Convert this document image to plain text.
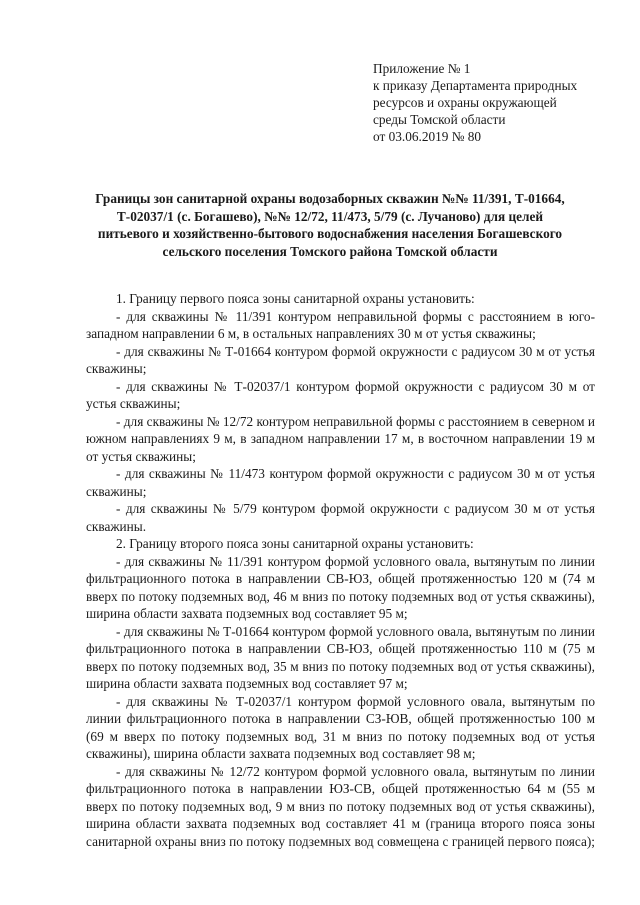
Приложение № 1
к приказу Департамента природных
ресурсов и охраны окружающей
среды Томской области
от 03.06.2019 № 80
Границы зон санитарной охраны водозаборных скважин №№ 11/391, Т-01664,
Т-02037/1 (с. Богашево), №№ 12/72, 11/473, 5/79 (с. Лучаново) для целей
питьевого и хозяйственно-бытового водоснабжения населения Богашевского
сельского поселения Томского района Томской области
1. Границу первого пояса зоны санитарной охраны установить:
- для скважины № 11/391 контуром неправильной формы с расстоянием в юго-западном направлении 6 м, в остальных направлениях 30 м от устья скважины;
- для скважины № Т-01664 контуром формой окружности с радиусом 30 м от устья скважины;
- для скважины № Т-02037/1 контуром формой окружности с радиусом 30 м от устья скважины;
- для скважины № 12/72 контуром неправильной формы с расстоянием в северном и южном направлениях 9 м, в западном направлении 17 м, в восточном направлении 19 м от устья скважины;
- для скважины № 11/473 контуром формой окружности с радиусом 30 м от устья скважины;
- для скважины № 5/79 контуром формой окружности с радиусом 30 м от устья скважины.
2. Границу второго пояса зоны санитарной охраны установить:
- для скважины № 11/391 контуром формой условного овала, вытянутым по линии фильтрационного потока в направлении СВ-ЮЗ, общей протяженностью 120 м (74 м вверх по потоку подземных вод, 46 м вниз по потоку подземных вод от устья скважины), ширина области захвата подземных вод составляет 95 м;
- для скважины № Т-01664 контуром формой условного овала, вытянутым по линии фильтрационного потока в направлении СВ-ЮЗ, общей протяженностью 110 м (75 м вверх по потоку подземных вод, 35 м вниз по потоку подземных вод от устья скважины), ширина области захвата подземных вод составляет 97 м;
- для скважины № Т-02037/1 контуром формой условного овала, вытянутым по линии фильтрационного потока в направлении СЗ-ЮВ, общей протяженностью 100 м (69 м вверх по потоку подземных вод, 31 м вниз по потоку подземных вод от устья скважины), ширина области захвата подземных вод составляет 98 м;
- для скважины № 12/72 контуром формой условного овала, вытянутым по линии фильтрационного потока в направлении ЮЗ-СВ, общей протяженностью 64 м (55 м вверх по потоку подземных вод, 9 м вниз по потоку подземных вод от устья скважины), ширина области захвата подземных вод составляет 41 м (граница второго пояса зоны санитарной охраны вниз по потоку подземных вод совмещена с границей первого пояса);
